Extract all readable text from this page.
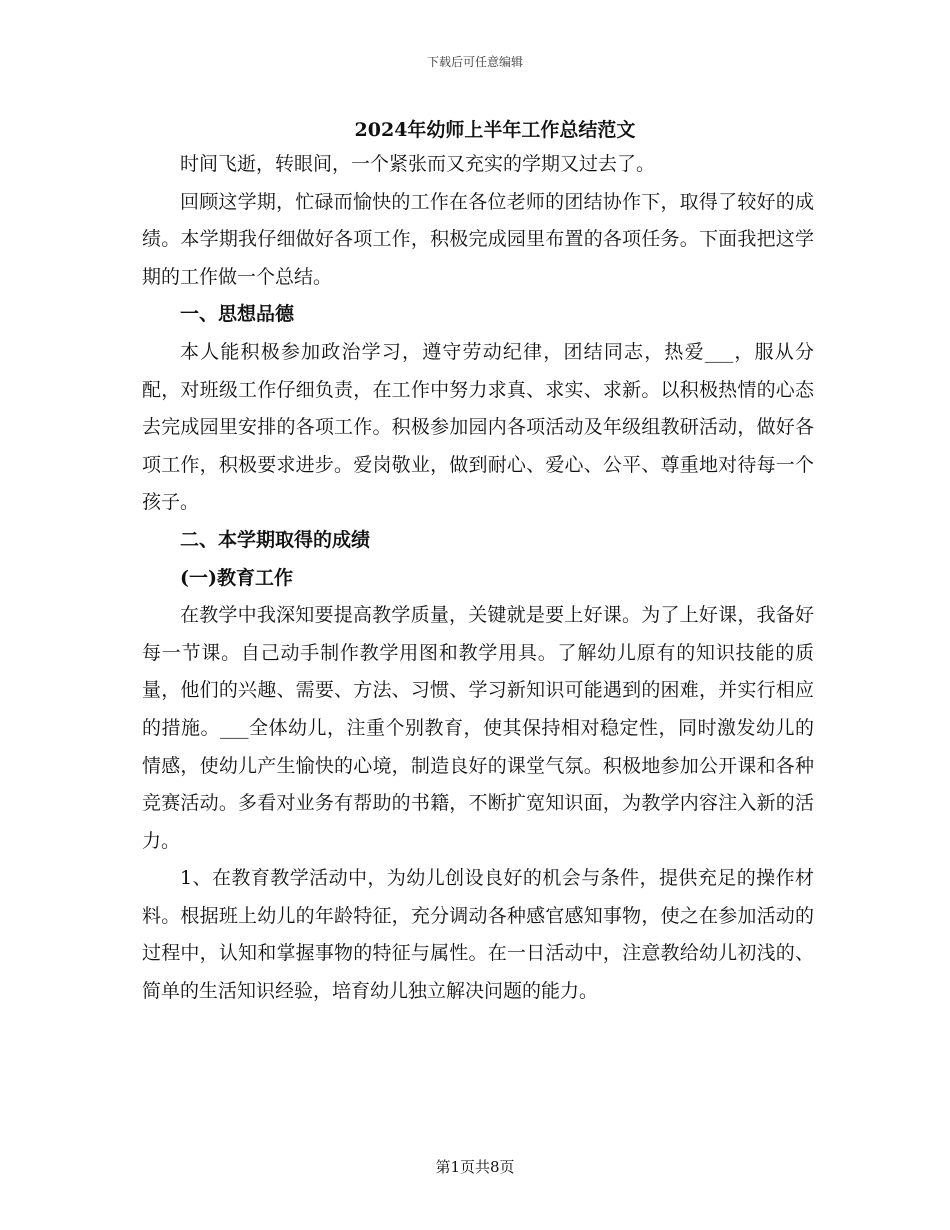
下载后可任意编辑
2024年幼师上半年工作总结范文

时间飞逝，转眼间，一个紧张而又充实的学期又过去了。

回顾这学期，忙碌而愉快的工作在各位老师的团结协作下，取得了较好的成绩。本学期我仔细做好各项工作，积极完成园里布置的各项任务。下面我把这学期的工作做一个总结。

一、思想品德

本人能积极参加政治学习，遵守劳动纪律，团结同志，热爱___，服从分配，对班级工作仔细负责，在工作中努力求真、求实、求新。以积极热情的心态去完成园里安排的各项工作。积极参加园内各项活动及年级组教研活动，做好各项工作，积极要求进步。爱岗敬业，做到耐心、爱心、公平、尊重地对待每一个孩子。

二、本学期取得的成绩

(一)教育工作

在教学中我深知要提高教学质量，关键就是要上好课。为了上好课，我备好每一节课。自己动手制作教学用图和教学用具。了解幼儿原有的知识技能的质量，他们的兴趣、需要、方法、习惯、学习新知识可能遇到的困难，并实行相应的措施。___全体幼儿，注重个别教育，使其保持相对稳定性，同时激发幼儿的情感，使幼儿产生愉快的心境，制造良好的课堂气氛。积极地参加公开课和各种竞赛活动。多看对业务有帮助的书籍，不断扩宽知识面，为教学内容注入新的活力。

1、在教育教学活动中，为幼儿创设良好的机会与条件，提供充足的操作材料。根据班上幼儿的年龄特征，充分调动各种感官感知事物，使之在参加活动的过程中，认知和掌握事物的特征与属性。在一日活动中，注意教给幼儿初浅的、简单的生活知识经验，培育幼儿独立解决问题的能力。

第1页共8页
